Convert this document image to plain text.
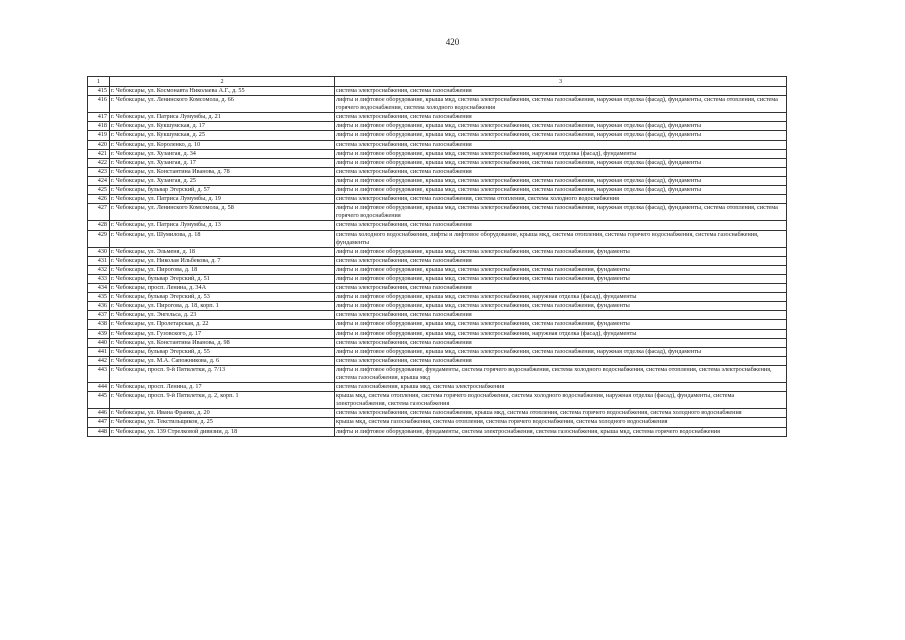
420
1	2	3
415	г. Чебоксары, ул. Космонавта Николаева А.Г., д. 55	система электроснабжения, система газоснабжения
416	г. Чебоксары, ул. Ленинского Комсомола, д. 66	лифты и лифтовое оборудование, крыша мкд, система электроснабжения, система газоснабжения, наружная отделка (фасад), фундаменты, система отопления, система горячего водоснабжения, система холодного водоснабжения
417	г. Чебоксары, ул. Патриса Лумумбы, д. 21	система электроснабжения, система газоснабжения
418	г. Чебоксары, ул. Кукшумская, д. 17	лифты и лифтовое оборудование, крыша мкд, система электроснабжения, система газоснабжения, наружная отделка (фасад), фундаменты
419	г. Чебоксары, ул. Кукшумская, д. 25	лифты и лифтовое оборудование, крыша мкд, система электроснабжения, система газоснабжения, наружная отделка (фасад), фундаменты
420	г. Чебоксары, ул. Короленко, д. 10	система электроснабжения, система газоснабжения
421	г. Чебоксары, ул. Хузангая, д. 34	лифты и лифтовое оборудование, крыша мкд, система электроснабжения, наружная отделка (фасад), фундаменты
422	г. Чебоксары, ул. Хузангая, д. 17	лифты и лифтовое оборудование, крыша мкд, система электроснабжения, система газоснабжения, наружная отделка (фасад), фундаменты
423	г. Чебоксары, ул. Константина Иванова, д. 78	система электроснабжения, система газоснабжения
424	г. Чебоксары, ул. Хузангая, д. 25	лифты и лифтовое оборудование, крыша мкд, система электроснабжения, система газоснабжения, наружная отделка (фасад), фундаменты
425	г. Чебоксары, бульвар Эгерский, д. 57	лифты и лифтовое оборудование, крыша мкд, система электроснабжения, система газоснабжения, наружная отделка (фасад), фундаменты
426	г. Чебоксары, ул. Патриса Лумумбы, д. 19	система электроснабжения, система газоснабжения, система отопления, система холодного водоснабжения
427	г. Чебоксары, ул. Ленинского Комсомола, д. 58	лифты и лифтовое оборудование, крыша мкд, система электроснабжения, система газоснабжения, наружная отделка (фасад), фундаменты, система отопления, система горячего водоснабжения
428	г. Чебоксары, ул. Патриса Лумумбы, д. 13	система электроснабжения, система газоснабжения
429	г. Чебоксары, ул. Шумилова, д. 18	система холодного водоснабжения, лифты и лифтовое оборудование, крыша мкд, система отопления, система горячего водоснабжения, система газоснабжения, фундаменты
430	г. Чебоксары, ул. Эльменя, д. 18	лифты и лифтовое оборудование, крыша мкд, система электроснабжения, система газоснабжения, фундаменты
431	г. Чебоксары, ул. Николая Ильбекова, д. 7	система электроснабжения, система газоснабжения
432	г. Чебоксары, ул. Пирогова, д. 18	лифты и лифтовое оборудование, крыша мкд, система электроснабжения, система газоснабжения, фундаменты
433	г. Чебоксары, бульвар Эгерский, д. 51	лифты и лифтовое оборудование, крыша мкд, система электроснабжения, система газоснабжения, фундаменты
434	г. Чебоксары, просп. Ленина, д. 34А	система электроснабжения, система газоснабжения
435	г. Чебоксары, бульвар Эгерский, д. 53	лифты и лифтовое оборудование, крыша мкд, система электроснабжения, наружная отделка (фасад), фундаменты
436	г. Чебоксары, ул. Пирогова, д. 18, корп. 1	лифты и лифтовое оборудование, крыша мкд, система электроснабжения, система газоснабжения, фундаменты
437	г. Чебоксары, ул. Энгельса, д. 23	система электроснабжения, система газоснабжения
438	г. Чебоксары, ул. Пролетарская, д. 22	лифты и лифтовое оборудование, крыша мкд, система электроснабжения, система газоснабжения, фундаменты
439	г. Чебоксары, ул. Гузовского, д. 17	лифты и лифтовое оборудование, крыша мкд, система электроснабжения, наружная отделка (фасад), фундаменты
440	г. Чебоксары, ул. Константина Иванова, д. 98	система электроснабжения, система газоснабжения
441	г. Чебоксары, бульвар Эгерский, д. 55	лифты и лифтовое оборудование, крыша мкд, система электроснабжения, система газоснабжения, наружная отделка (фасад), фундаменты
442	г. Чебоксары, ул. М.А. Сапожникова, д. 6	система электроснабжения, система газоснабжения
443	г. Чебоксары, просп. 9-й Пятилетки, д. 7/13	лифты и лифтовое оборудование, фундаменты, система горячего водоснабжения, система холодного водоснабжения, система отопления, система электроснабжения, система газоснабжения, крыша мкд
444	г. Чебоксары, просп. Ленина, д. 17	система газоснабжения, крыша мкд, система электроснабжения
445	г. Чебоксары, просп. 9-й Пятилетки, д. 2, корп. 1	крыша мкд, система отопления, система горячего водоснабжения, система холодного водоснабжения, наружная отделка (фасад), фундаменты, система электроснабжения, система газоснабжения
446	г. Чебоксары, ул. Ивана Франко, д. 20	система электроснабжения, система газоснабжения, крыша мкд, система отопления, система горячего водоснабжения, система холодного водоснабжения
447	г. Чебоксары, ул. Текстильщиков, д. 25	крыша мкд, система газоснабжения, система отопления, система горячего водоснабжения, система холодного водоснабжения
448	г. Чебоксары, ул. 139 Стрелковой дивизии, д. 18	лифты и лифтовое оборудование, фундаменты, система электроснабжения, система газоснабжения, крыша мкд, система горячего водоснабжения
